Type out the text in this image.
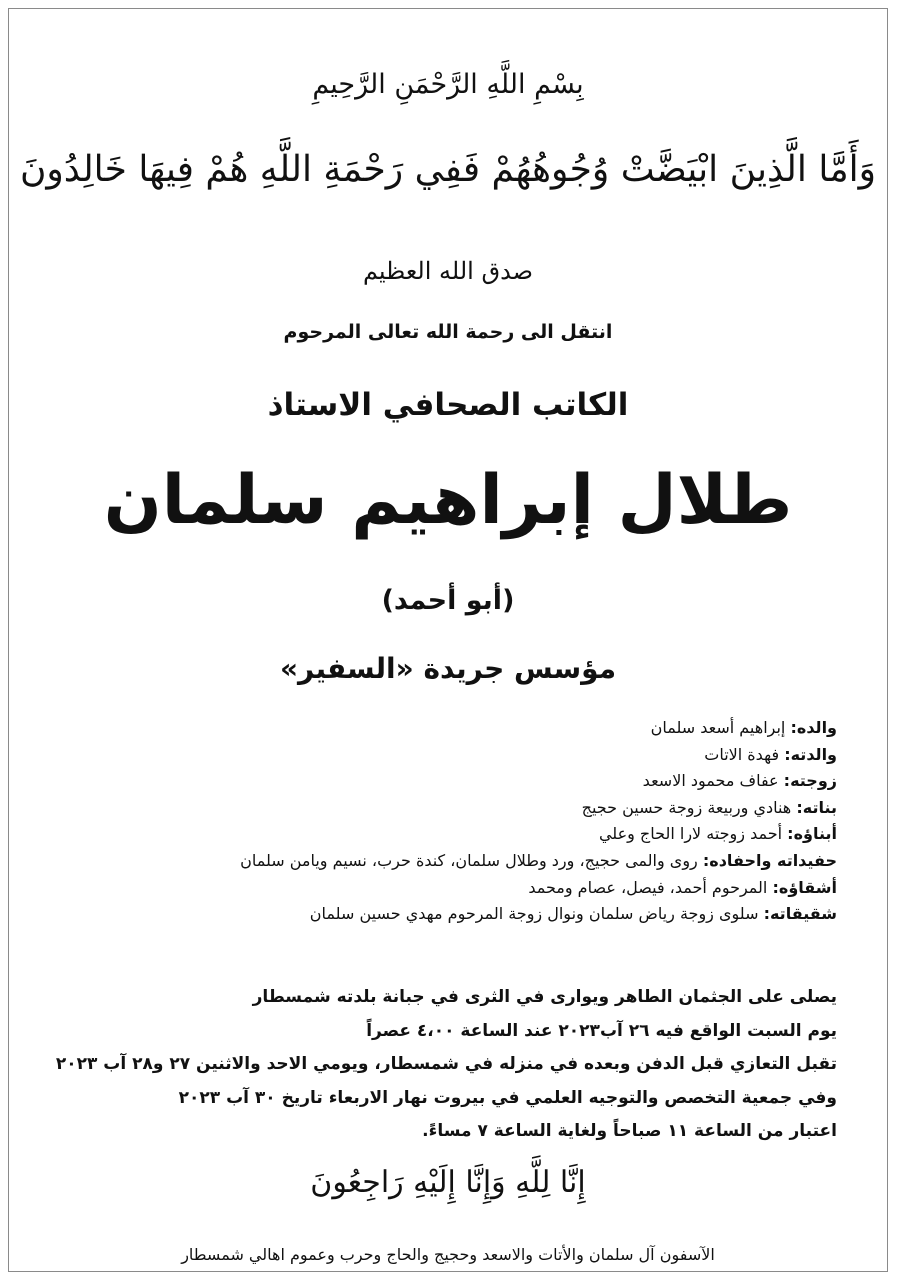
بِسْمِ اللَّهِ الرَّحْمَنِ الرَّحِيمِ
وَأَمَّا الَّذِينَ ابْيَضَّتْ وُجُوهُهُمْ فَفِي رَحْمَةِ اللَّهِ هُمْ فِيهَا خَالِدُونَ
صدق الله العظيم
انتقل الى رحمة الله تعالى المرحوم
الكاتب الصحافي الاستاذ
طلال إبراهيم سلمان
(أبو أحمد)
مؤسس جريدة «السفير»
والده: إبراهيم أسعد سلمان
والدته: فهدة الاتات
زوجته: عفاف محمود الاسعد
بناته: هنادي وربيعة زوجة حسين حجيج
أبناؤه: أحمد زوجته لارا الحاج وعلي
حفيداته واحفاده: روى والمى حجيج، ورد وطلال سلمان، كندة حرب، نسيم ويامن سلمان
أشقاؤه: المرحوم أحمد، فيصل، عصام ومحمد
شقيقاته: سلوى زوجة رياض سلمان ونوال زوجة المرحوم مهدي حسين سلمان
يصلى على الجثمان الطاهر ويوارى في الثرى في جبانة بلدته شمسطار
يوم السبت الواقع فيه ٢٦ آب٢٠٢٣ عند الساعة ٤،٠٠ عصراً
تقبل التعازي قبل الدفن وبعده في منزله في شمسطار، ويومي الاحد والاثنين ٢٧ و٢٨ آب ٢٠٢٣
وفي جمعية التخصص والتوجيه العلمي في بيروت نهار الاربعاء تاريخ ٣٠ آب ٢٠٢٣
اعتبار من الساعة ١١ صباحاً ولغاية الساعة ٧ مساءً.
إِنَّا لِلَّهِ وَإِنَّا إِلَيْهِ رَاجِعُونَ
الآسفون آل سلمان والأتات والاسعد وحجيج والحاج وحرب وعموم اهالي شمسطار
